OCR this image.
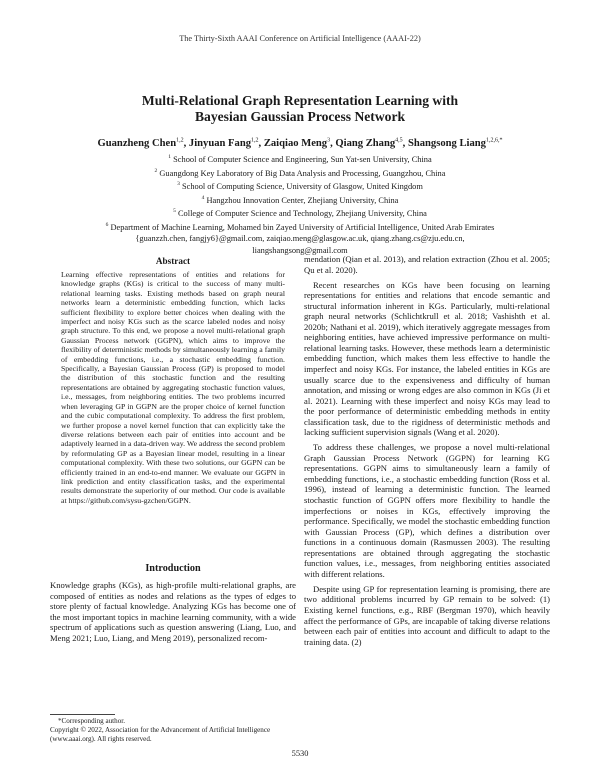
The Thirty-Sixth AAAI Conference on Artificial Intelligence (AAAI-22)
Multi-Relational Graph Representation Learning with
Bayesian Gaussian Process Network
Guanzheng Chen$^{1,2}$, Jinyuan Fang$^{1,2}$, Zaiqiao Meng$^3$, Qiang Zhang$^{4,5}$, Shangsong Liang$^{1,2,6,*}$
$^1$ School of Computer Science and Engineering, Sun Yat-sen University, China
$^2$ Guangdong Key Laboratory of Big Data Analysis and Processing, Guangzhou, China
$^3$ School of Computing Science, University of Glasgow, United Kingdom
$^4$ Hangzhou Innovation Center, Zhejiang University, China
$^5$ College of Computer Science and Technology, Zhejiang University, China
$^6$ Department of Machine Learning, Mohamed bin Zayed University of Artificial Intelligence, United Arab Emirates
{guanzzh.chen, fangjy6}@gmail.com, zaiqiao.meng@glasgow.ac.uk, qiang.zhang.cs@zju.edu.cn,
liangshangsong@gmail.com
Abstract

Learning effective representations of entities and relations for knowledge graphs (KGs) is critical to the success of many multi-relational learning tasks. Existing methods based on graph neural networks learn a deterministic embedding function, which lacks sufficient flexibility to explore better choices when dealing with the imperfect and noisy KGs such as the scarce labeled nodes and noisy graph structure. To this end, we propose a novel multi-relational graph Gaussian Process network (GGPN), which aims to improve the flexibility of deterministic methods by simultaneously learning a family of embedding functions, i.e., a stochastic embedding function. Specifically, a Bayesian Gaussian Process (GP) is proposed to model the distribution of this stochastic function and the resulting representations are obtained by aggregating stochastic function values, i.e., messages, from neighboring entities. The two problems incurred when leveraging GP in GGPN are the proper choice of kernel function and the cubic computational complexity. To address the first problem, we further propose a novel kernel function that can explicitly take the diverse relations between each pair of entities into account and be adaptively learned in a data-driven way. We address the second problem by reformulating GP as a Bayesian linear model, resulting in a linear computational complexity. With these two solutions, our GGPN can be efficiently trained in an end-to-end manner. We evaluate our GGPN in link prediction and entity classification tasks, and the experimental results demonstrate the superiority of our method. Our code is available at https://github.com/sysu-gzchen/GGPN.

Introduction

Knowledge graphs (KGs), as high-profile multi-relational graphs, are composed of entities as nodes and relations as the types of edges to store plenty of factual knowledge. Analyzing KGs has become one of the most important topics in machine learning community, with a wide spectrum of applications such as question answering (Liang, Luo, and Meng 2021; Luo, Liang, and Meng 2019), personalized recom-

*Corresponding author.

Copyright © 2022, Association for the Advancement of Artificial Intelligence (www.aaai.org). All rights reserved.

mendation (Qian et al. 2013), and relation extraction (Zhou et al. 2005; Qu et al. 2020).

Recent researches on KGs have been focusing on learning representations for entities and relations that encode semantic and structural information inherent in KGs. Particularly, multi-relational graph neural networks (Schlichtkrull et al. 2018; Vashishth et al. 2020b; Nathani et al. 2019), which iteratively aggregate messages from neighboring entities, have achieved impressive performance on multi-relational learning tasks. However, these methods learn a deterministic embedding function, which makes them less effective to handle the imperfect and noisy KGs. For instance, the labeled entities in KGs are usually scarce due to the expensiveness and difficulty of human annotation, and missing or wrong edges are also common in KGs (Ji et al. 2021). Learning with these imperfect and noisy KGs may lead to the poor performance of deterministic embedding methods in entity classification task, due to the rigidness of deterministic methods and lacking sufficient supervision signals (Wang et al. 2020).

To address these challenges, we propose a novel multi-relational Graph Gaussian Process Network (GGPN) for learning KG representations. GGPN aims to simultaneously learn a family of embedding functions, i.e., a stochastic embedding function (Ross et al. 1996), instead of learning a deterministic function. The learned stochastic function of GGPN offers more flexibility to handle the imperfections or noises in KGs, effectively improving the performance. Specifically, we model the stochastic embedding function with Gaussian Process (GP), which defines a distribution over functions in a continuous domain (Rasmussen 2003). The resulting representations are obtained through aggregating the stochastic function values, i.e., messages, from neighboring entities associated with different relations.

Despite using GP for representation learning is promising, there are two additional problems incurred by GP remain to be solved: (1) Existing kernel functions, e.g., RBF (Bergman 1970), which heavily affect the performance of GPs, are incapable of taking diverse relations between each pair of entities into account and difficult to adapt to the training data. (2)

5530
